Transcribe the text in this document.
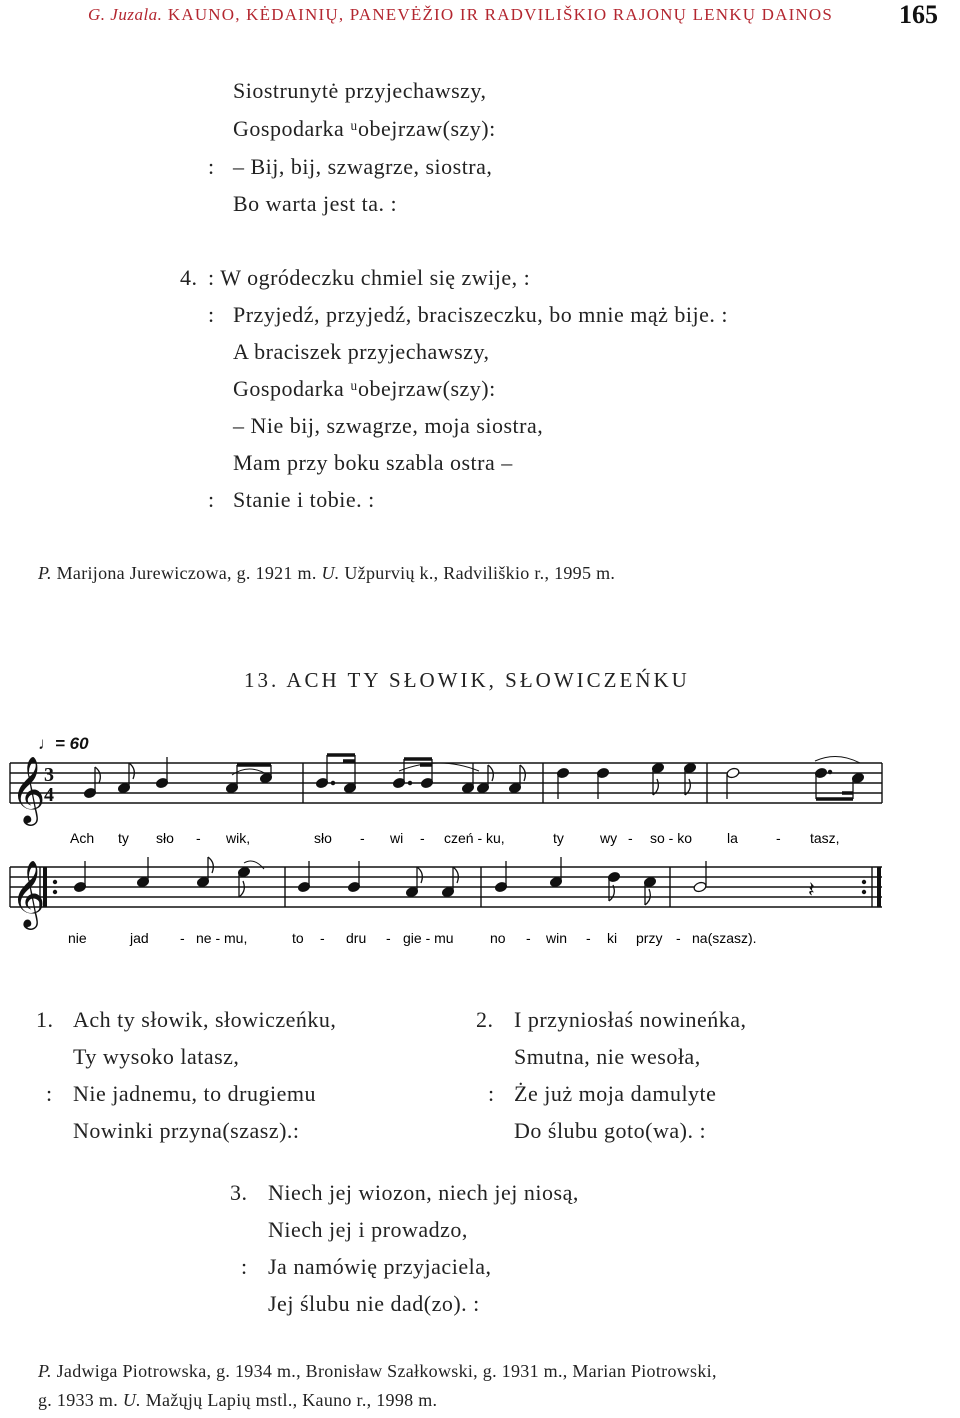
G. Juzala. KAUNO, KĖDAINIŲ, PANEVĖŽIO IR RADVILIŠKIO RAJONŲ LENKŲ DAINOS	165
Siostrunytė przyjechawszy,
Gospodarka ᵘobejrzaw(szy):
: – Bij, bij, szwagrze, siostra,
Bo warta jest ta. :
4. : W ogródeczku chmiel się zwije, :
: Przyjedź, przyjedź, braciszeczku, bo mnie mąż bije. :
A braciszek przyjechawszy,
Gospodarka ᵘobejrzaw(szy):
– Nie bij, szwagrze, moja siostra,
Mam przy boku szabla ostra –
: Stanie i tobie. :
P. Marijona Jurewiczowa, g. 1921 m. U. Užpurvių k., Radviliškio r., 1995 m.
13. ACH TY SŁOWIK, SŁOWICZEŃKU
♩= 60
𝄞
3
4
Ach ty sło - wik,	sło - wi - czeń - ku,	ty	wy - so - ko la	- tasz,
𝄞	𝄽
nie	jad - ne - mu,	to - dru - gie - mu	no - win - ki przy - na(szasz).
1. Ach ty słowik, słowiczeńku,
Ty wysoko latasz,
: Nie jadnemu, to drugiemu
Nowinki przyna(szasz).:
2. I przyniosłaś nowineńka,
Smutna, nie wesoła,
: Że już moja damulyte
Do ślubu goto(wa). :
3. Niech jej wiozon, niech jej niosą,
Niech jej i prowadzo,
: Ja namówię przyjaciela,
Jej ślubu nie dad(zo). :
P. Jadwiga Piotrowska, g. 1934 m., Bronisław Szałkowski, g. 1931 m., Marian Piotrowski,
g. 1933 m. U. Mažųjų Lapių mstl., Kauno r., 1998 m.
